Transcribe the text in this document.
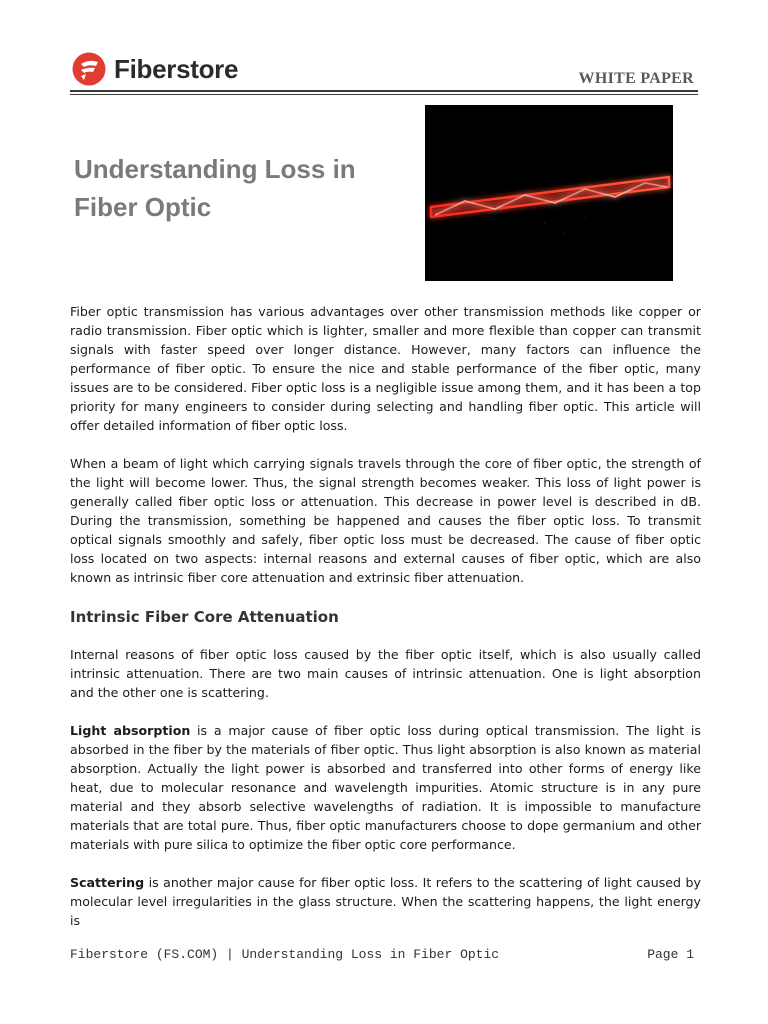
Fiberstore	WHITE PAPER
Understanding Loss in
Fiber Optic

Fiber optic transmission has various advantages over other transmission methods like copper or radio transmission. Fiber optic which is lighter, smaller and more flexible than copper can transmit signals with faster speed over longer distance. However, many factors can influence the performance of fiber optic. To ensure the nice and stable performance of the fiber optic, many issues are to be considered. Fiber optic loss is a negligible issue among them, and it has been a top priority for many engineers to consider during selecting and handling fiber optic. This article will offer detailed information of fiber optic loss.

When a beam of light which carrying signals travels through the core of fiber optic, the strength of the light will become lower. Thus, the signal strength becomes weaker. This loss of light power is generally called fiber optic loss or attenuation. This decrease in power level is described in dB. During the transmission, something be happened and causes the fiber optic loss. To transmit optical signals smoothly and safely, fiber optic loss must be decreased. The cause of fiber optic loss located on two aspects: internal reasons and external causes of fiber optic, which are also known as intrinsic fiber core attenuation and extrinsic fiber attenuation.

Intrinsic Fiber Core Attenuation

Internal reasons of fiber optic loss caused by the fiber optic itself, which is also usually called intrinsic attenuation. There are two main causes of intrinsic attenuation. One is light absorption and the other one is scattering.

Light absorption is a major cause of fiber optic loss during optical transmission. The light is absorbed in the fiber by the materials of fiber optic. Thus light absorption is also known as material absorption. Actually the light power is absorbed and transferred into other forms of energy like heat, due to molecular resonance and wavelength impurities. Atomic structure is in any pure material and they absorb selective wavelengths of radiation. It is impossible to manufacture materials that are total pure. Thus, fiber optic manufacturers choose to dope germanium and other materials with pure silica to optimize the fiber optic core performance.

Scattering is another major cause for fiber optic loss. It refers to the scattering of light caused by molecular level irregularities in the glass structure. When the scattering happens, the light energy is

Fiberstore (FS.COM) | Understanding Loss in Fiber Optic	Page 1
